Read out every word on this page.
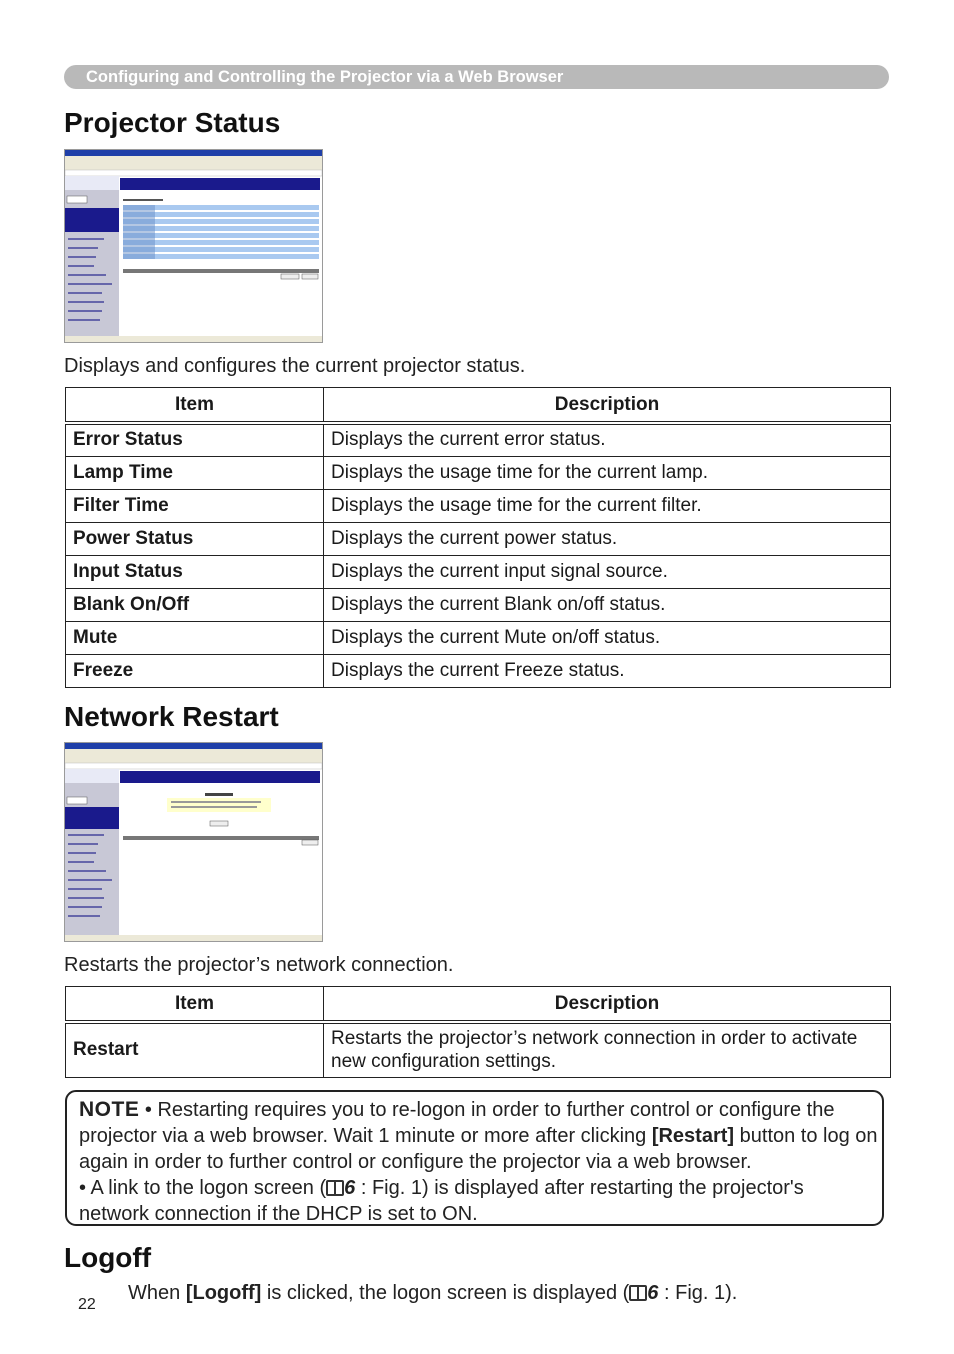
Configuring and Controlling the Projector via a Web Browser
Projector Status

Displays and configures the current projector status.

Item	Description
Error Status	Displays the current error status.
Lamp Time	Displays the usage time for the current lamp.
Filter Time	Displays the usage time for the current filter.
Power Status	Displays the current power status.
Input Status	Displays the current input signal source.
Blank On/Off	Displays the current Blank on/off status.
Mute	Displays the current Mute on/off status.
Freeze	Displays the current Freeze status.
Network Restart

Restarts the projector’s network connection.

Item	Description
Restart	Restarts the projector’s network connection in order to activate new configuration settings.

NOTE • Restarting requires you to re-logon in order to further control or configure the projector via a web browser. Wait 1 minute or more after clicking [Restart] button to log on again in order to further control or configure the projector via a web browser.
• A link to the logon screen ( 6 : Fig. 1) is displayed after restarting the projector's network connection if the DHCP is set to ON.

Logoff
22

When [Logoff] is clicked, the logon screen is displayed ( 6 : Fig. 1).
